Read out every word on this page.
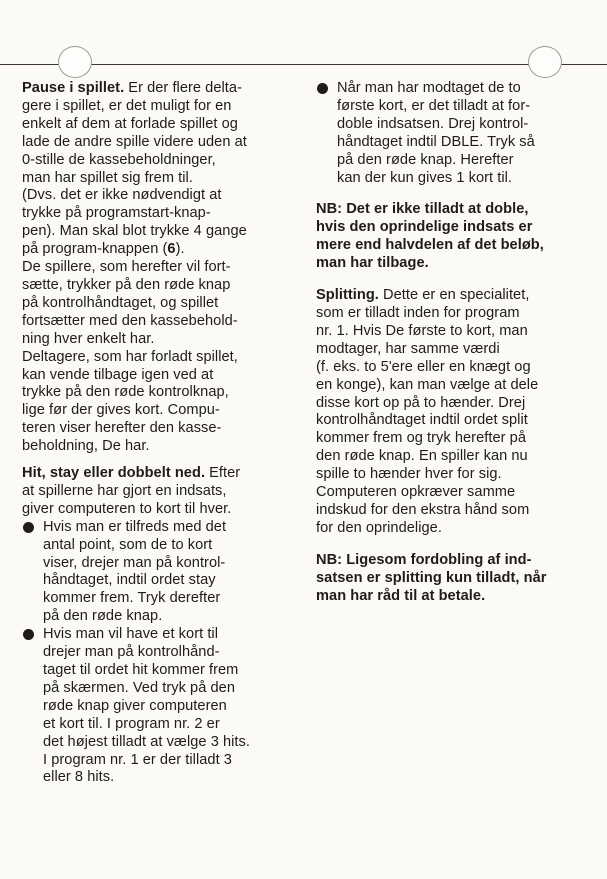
Pause i spillet. Er der flere delta-
gere i spillet, er det muligt for en
enkelt af dem at forlade spillet og
lade de andre spille videre uden at
0-stille de kassebeholdninger,
man har spillet sig frem til.
(Dvs. det er ikke nødvendigt at
trykke på programstart-knap-
pen). Man skal blot trykke 4 gange
på program-knappen (6).
De spillere, som herefter vil fort-
sætte, trykker på den røde knap
på kontrolhåndtaget, og spillet
fortsætter med den kassebehold-
ning hver enkelt har.
Deltagere, som har forladt spillet,
kan vende tilbage igen ved at
trykke på den røde kontrolknap,
lige før der gives kort. Compu-
teren viser herefter den kasse-
beholdning, De har.

Hit, stay eller dobbelt ned. Efter
at spillerne har gjort en indsats,
giver computeren to kort til hver.

Hvis man er tilfreds med det
antal point, som de to kort
viser, drejer man på kontrol-
håndtaget, indtil ordet stay
kommer frem. Tryk derefter
på den røde knap.
Hvis man vil have et kort til
drejer man på kontrolhånd-
taget til ordet hit kommer frem
på skærmen. Ved tryk på den
røde knap giver computeren
et kort til. I program nr. 2 er
det højest tilladt at vælge 3 hits.
I program nr. 1 er der tilladt 3
eller 8 hits.
Når man har modtaget de to
første kort, er det tilladt at for-
doble indsatsen. Drej kontrol-
håndtaget indtil DBLE. Tryk så
på den røde knap. Herefter
kan der kun gives 1 kort til.

NB: Det er ikke tilladt at doble,
hvis den oprindelige indsats er
mere end halvdelen af det beløb,
man har tilbage.

Splitting. Dette er en specialitet,
som er tilladt inden for program
nr. 1. Hvis De første to kort, man
modtager, har samme værdi
(f. eks. to 5'ere eller en knægt og
en konge), kan man vælge at dele
disse kort op på to hænder. Drej
kontrolhåndtaget indtil ordet split
kommer frem og tryk herefter på
den røde knap. En spiller kan nu
spille to hænder hver for sig.
Computeren opkræver samme
indskud for den ekstra hånd som
for den oprindelige.

NB: Ligesom fordobling af ind-
satsen er splitting kun tilladt, når
man har råd til at betale.
